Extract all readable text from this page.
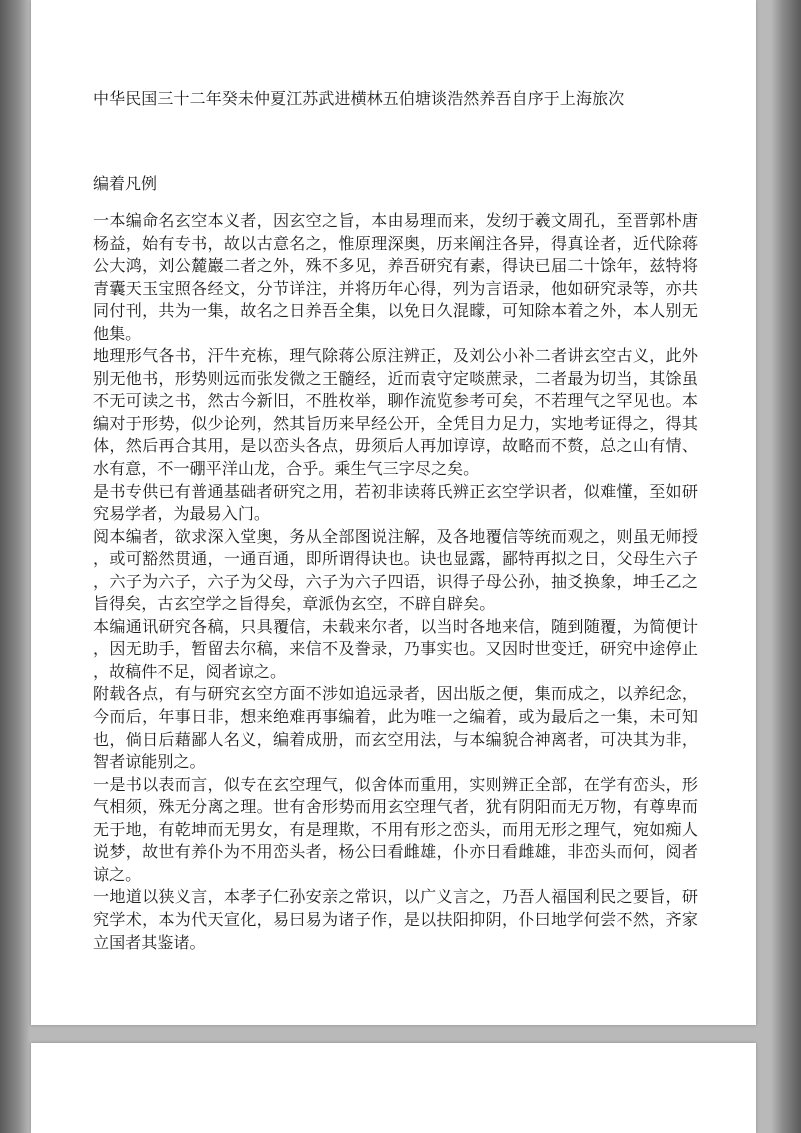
中华民国三十二年癸未仲夏江苏武进横林五伯塘谈浩然养吾自序于上海旅次
编着凡例

一本编命名玄空本义者，因玄空之旨，本由易理而来，发纫于羲文周孔，至晋郭朴唐杨益，始有专书，故以古意名之，惟原理深奥，历来阐注各异，得真诠者，近代除蒋公大鸿，刘公麓巖二者之外，殊不多见，养吾研究有素，得诀已届二十馀年，兹特将青囊天玉宝照各经文，分节详注，并将历年心得，列为言语录，他如研究录等，亦共同付刊，共为一集，故名之日养吾全集，以免日久混矇，可知除本着之外，本人别无他集。

地理形气各书，汗牛充栋，理气除蒋公原注辨正，及刘公小补二者讲玄空古义，此外别无他书，形势则远而张发微之王髓经，近而袁守定啖蔗录，二者最为切当，其馀虽不无可读之书，然古今新旧，不胜枚举，聊作流览参考可矣，不若理气之罕见也。本编对于形势，似少论列，然其旨历来早经公开，全凭目力足力，实地考证得之，得其体，然后再合其用，是以峦头各点，毋须后人再加谆谆，故略而不赘，总之山有情、水有意，不一硼平洋山龙，合乎。乘生气三字尽之矣。

是书专供已有普通基础者研究之用，若初非读蒋氏辨正玄空学识者，似难懂，至如研究易学者，为最易入门。

阅本编者，欲求深入堂奥，务从全部图说注解，及各地覆信等统而观之，则虽无师授，或可豁然贯通，一通百通，即所谓得诀也。诀也显露，鄙特再拟之日，父母生六子，六子为六子，六子为父母，六子为六子四语，识得子母公孙，抽爻换象，坤壬乙之旨得矣，古玄空学之旨得矣，章派伪玄空，不辟自辟矣。

本编通讯研究各稿，只具覆信，未载来尔者，以当时各地来信，随到随覆，为简便计，因无助手，暂留去尔稿，来信不及誊录，乃事实也。又因时世变迁，研究中途停止，故稿件不足，阅者谅之。

附载各点，有与研究玄空方面不涉如追远录者，因出版之便，集而成之，以养纪念，今而后，年事日非，想来绝难再事编着，此为唯一之编着，或为最后之一集，未可知也，倘日后藉鄙人名义，编着成册，而玄空用法，与本编貌合神离者，可决其为非，智者谅能别之。

一是书以表而言，似专在玄空理气，似舍体而重用，实则辨正全部，在学有峦头，形气相须，殊无分离之理。世有舍形势而用玄空理气者，犹有阴阳而无万物，有尊卑而无于地，有乾坤而无男女，有是理欺，不用有形之峦头，而用无形之理气，宛如痴人说梦，故世有养仆为不用峦头者，杨公曰看雌雄，仆亦日看雌雄，非峦头而何，阅者谅之。

一地道以狭义言，本孝子仁孙安亲之常识，以广义言之，乃吾人福国利民之要旨，研究学术，本为代天宣化，易曰易为诸子作，是以扶阳抑阴，仆曰地学何尝不然，齐家立国者其鉴诸。
